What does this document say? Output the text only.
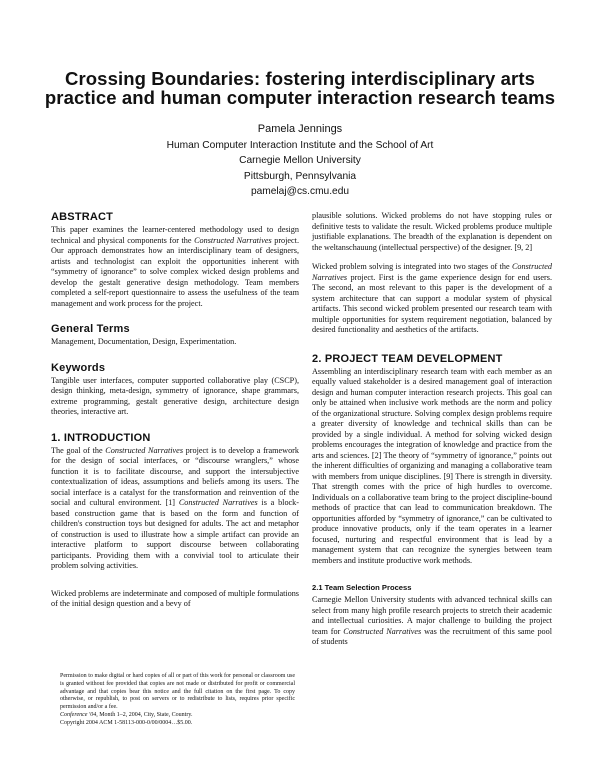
Crossing Boundaries: fostering interdisciplinary arts practice and human computer interaction research teams
Pamela Jennings
Human Computer Interaction Institute and the School of Art
Carnegie Mellon University
Pittsburgh, Pennsylvania
pamelaj@cs.cmu.edu
ABSTRACT

This paper examines the learner-centered methodology used to design technical and physical components for the Constructed Narratives project. Our approach demonstrates how an interdisciplinary team of designers, artists and technologist can exploit the opportunities inherent with “symmetry of ignorance” to solve complex wicked design problems and develop the gestalt generative design methodology. Team members completed a self-report questionnaire to assess the usefulness of the team management and work process for the project.

General Terms

Management, Documentation, Design, Experimentation.

Keywords

Tangible user interfaces, computer supported collaborative play (CSCP), design thinking, meta-design, symmetry of ignorance, shape grammars, extreme programming, gestalt generative design, architecture design theories, interactive art.

1. INTRODUCTION

The goal of the Constructed Narratives project is to develop a framework for the design of social interfaces, or “discourse wranglers,” whose function it is to facilitate discourse, and support the intersubjective contextualization of ideas, assumptions and beliefs among its users. The social interface is a catalyst for the transformation and reinvention of the social and cultural environment. [1] Constructed Narratives is a block-based construction game that is based on the form and function of children's construction toys but designed for adults. The act and metaphor of construction is used to illustrate how a simple artifact can provide an interactive platform to support discourse between collaborating participants. Providing them with a convivial tool to articulate their problem solving activities.

Wicked problems are indeterminate and composed of multiple formulations of the initial design question and a bevy of

Permission to make digital or hard copies of all or part of this work for personal or classroom use is granted without fee provided that copies are not made or distributed for profit or commercial advantage and that copies bear this notice and the full citation on the first page. To copy otherwise, or republish, to post on servers or to redistribute to lists, requires prior specific permission and/or a fee.

Conference '04, Month 1–2, 2004, City, State, Country.

Copyright 2004 ACM 1-58113-000-0/00/0004…$5.00.

plausible solutions. Wicked problems do not have stopping rules or definitive tests to validate the result. Wicked problems produce multiple justifiable explanations. The breadth of the explanation is dependent on the weltanschauung (intellectual perspective) of the designer. [9, 2]

Wicked problem solving is integrated into two stages of the Constructed Narratives project. First is the game experience design for end users. The second, an most relevant to this paper is the development of a system architecture that can support a modular system of physical artifacts. This second wicked problem presented our research team with multiple opportunities for system requirement negotiation, balanced by desired functionality and aesthetics of the artifacts.

2. PROJECT TEAM DEVELOPMENT

Assembling an interdisciplinary research team with each member as an equally valued stakeholder is a desired management goal of interaction design and human computer interaction research projects. This goal can only be attained when inclusive work methods are the norm and policy of the organizational structure. Solving complex design problems require a greater diversity of knowledge and technical skills than can be provided by a single individual. A method for solving wicked design problems encourages the integration of knowledge and practice from the arts and sciences. [2] The theory of “symmetry of ignorance,” points out the inherent difficulties of organizing and managing a collaborative team with members from unique disciplines. [9] There is strength in diversity. That strength comes with the price of high hurdles to overcome. Individuals on a collaborative team bring to the project discipline-bound methods of practice that can lead to communication breakdown. The opportunities afforded by “symmetry of ignorance,” can be cultivated to produce innovative products, only if the team operates in a learner focused, nurturing and respectful environment that is lead by a management system that can recognize the synergies between team members and institute productive work methods.

2.1 Team Selection Process

Carnegie Mellon University students with advanced technical skills can select from many high profile research projects to stretch their academic and intellectual curiosities. A major challenge to building the project team for Constructed Narratives was the recruitment of this same pool of students
